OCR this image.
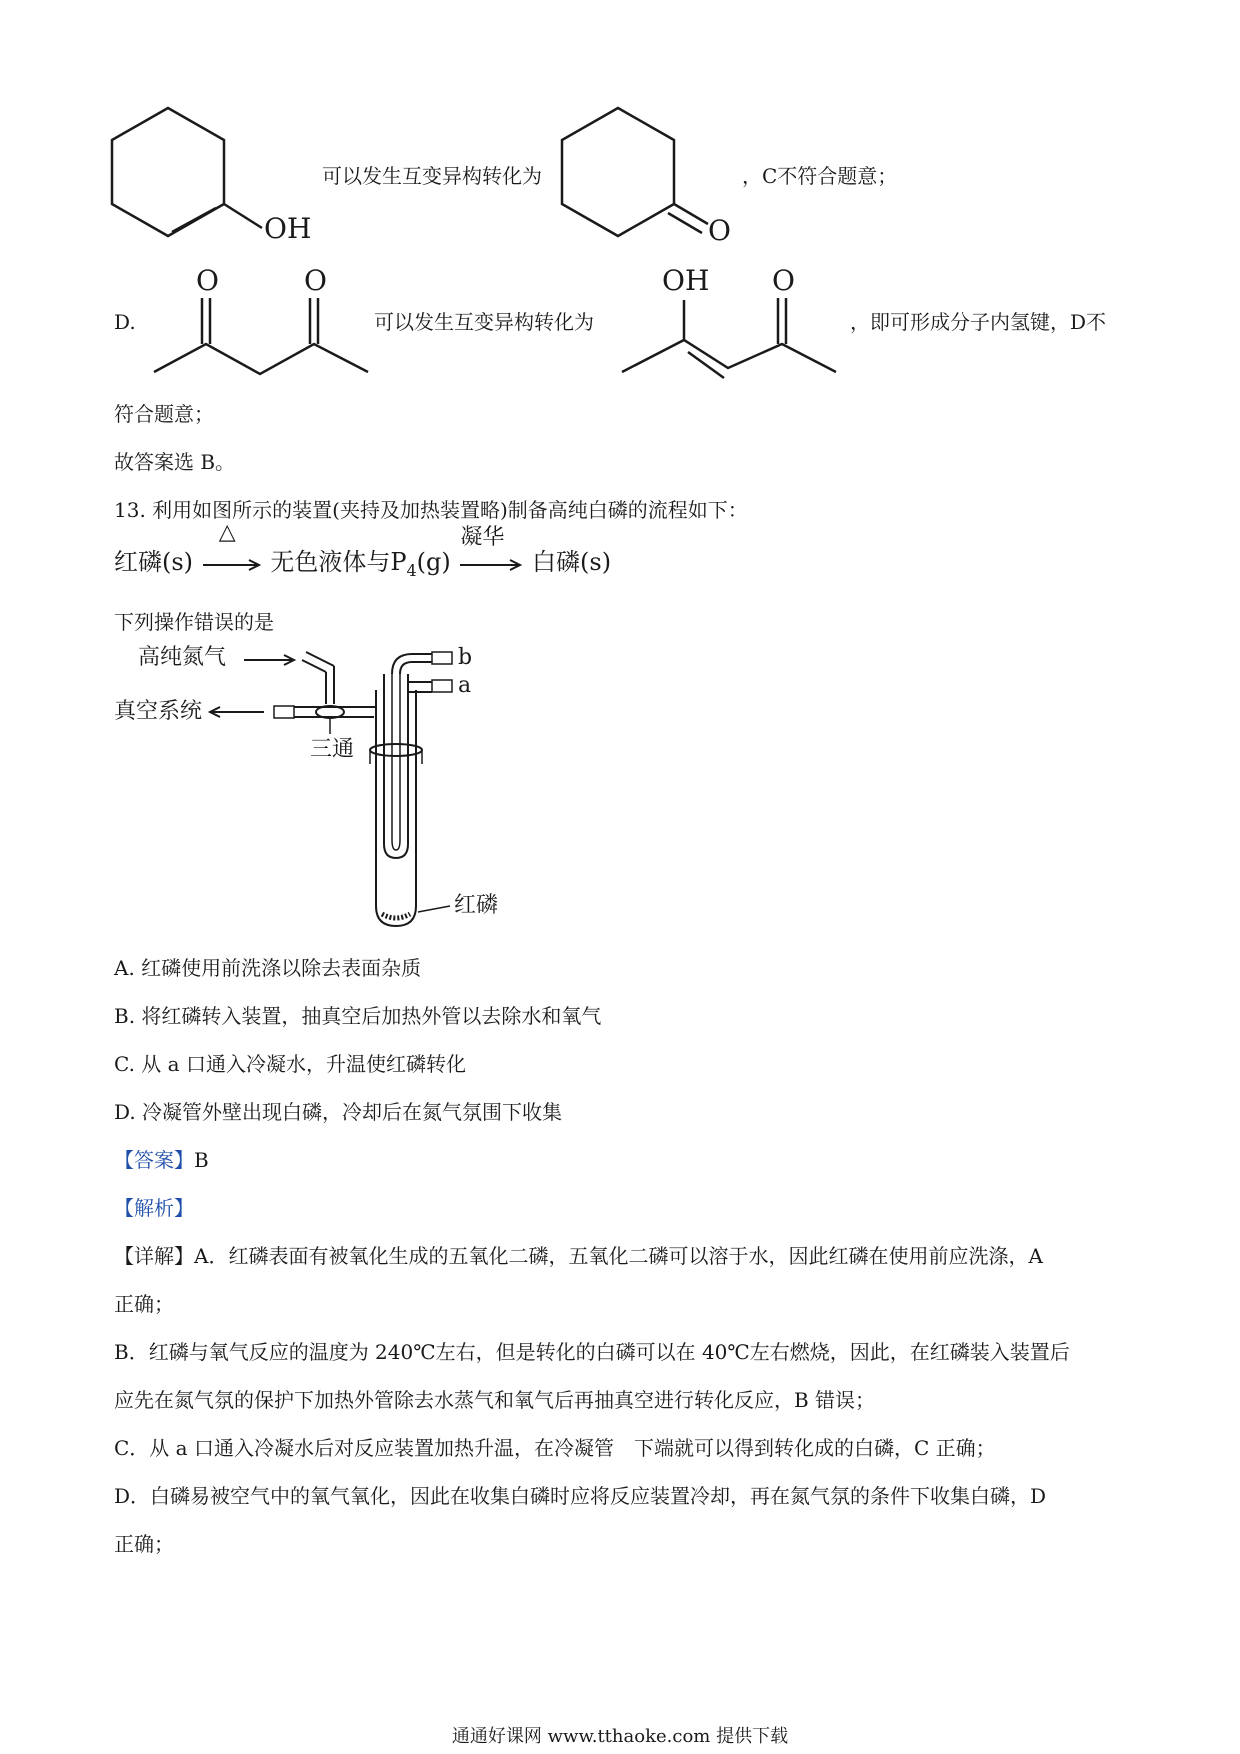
OH
可以发生互变异构转化为
O
，C不符合题意；
D.
O	O
可以发生互变异构转化为
OH O
，即可形成分子内氢键，D不
符合题意；
故答案选 B。
13. 利用如图所示的装置(夹持及加热装置略)制备高纯白磷的流程如下：
红磷(s)
△
无色液体与$P_4(g)$
凝华
白磷(s)
下列操作错误的是
高纯氮气
真空系统
三通
b
a
红磷
A. 红磷使用前洗涤以除去表面杂质
B. 将红磷转入装置，抽真空后加热外管以去除水和氧气
C. 从 a 口通入冷凝水，升温使红磷转化
D. 冷凝管外壁出现白磷，冷却后在氮气氛围下收集
【答案】B
【解析】
【详解】A．红磷表面有被氧化生成的五氧化二磷，五氧化二磷可以溶于水，因此红磷在使用前应洗涤，A
正确；
B．红磷与氧气反应的温度为 240℃左右，但是转化的白磷可以在 40℃左右燃烧，因此，在红磷装入装置后
应先在氮气氛的保护下加热外管除去水蒸气和氧气后再抽真空进行转化反应，B 错误；
C．从 a 口通入冷凝水后对反应装置加热升温，在冷凝管　下端就可以得到转化成的白磷，C 正确；
D．白磷易被空气中的氧气氧化，因此在收集白磷时应将反应装置冷却，再在氮气氛的条件下收集白磷，D
正确；
通通好课网 www.tthaoke.com 提供下载
